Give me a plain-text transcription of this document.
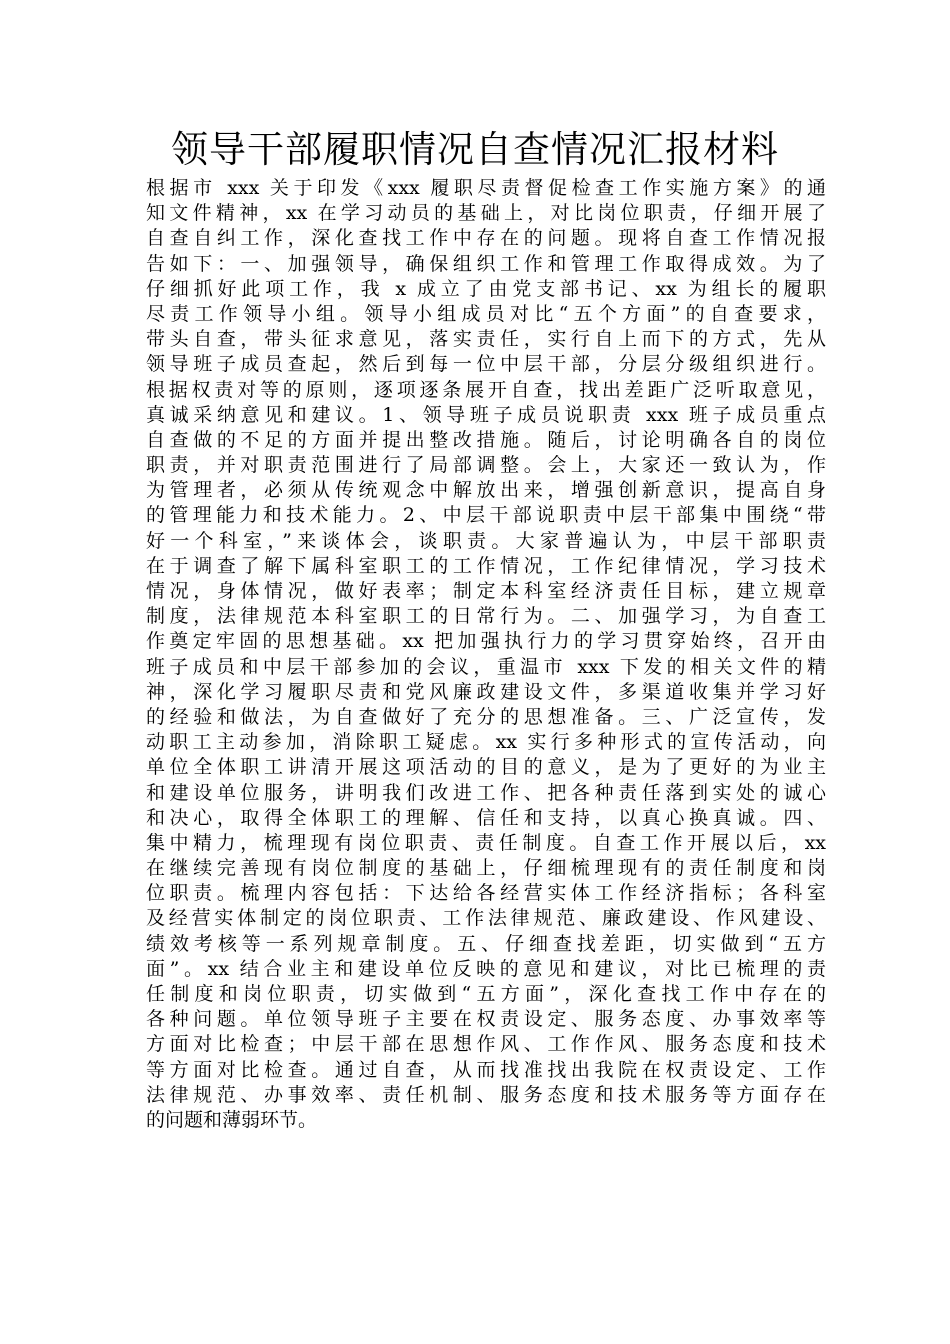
领导干部履职情况自查情况汇报材料
根据市 xxx 关于印发《xxx 履职尽责督促检查工作实施方案》的通
知文件精神，xx 在学习动员的基础上，对比岗位职责，仔细开展了
自查自纠工作，深化查找工作中存在的问题。现将自查工作情况报
告如下：一、加强领导，确保组织工作和管理工作取得成效。为了
仔细抓好此项工作，我 x 成立了由党支部书记、xx 为组长的履职
尽责工作领导小组。领导小组成员对比“五个方面”的自查要求，
带头自查，带头征求意见，落实责任，实行自上而下的方式，先从
领导班子成员查起，然后到每一位中层干部，分层分级组织进行。
根据权责对等的原则，逐项逐条展开自查，找出差距广泛听取意见，
真诚采纳意见和建议。1、领导班子成员说职责 xxx 班子成员重点
自查做的不足的方面并提出整改措施。随后，讨论明确各自的岗位
职责，并对职责范围进行了局部调整。会上，大家还一致认为，作
为管理者，必须从传统观念中解放出来，增强创新意识，提高自身
的管理能力和技术能力。2、中层干部说职责中层干部集中围绕“带
好一个科室，”来谈体会，谈职责。大家普遍认为，中层干部职责
在于调查了解下属科室职工的工作情况，工作纪律情况，学习技术
情况，身体情况，做好表率；制定本科室经济责任目标，建立规章
制度，法律规范本科室职工的日常行为。二、加强学习，为自查工
作奠定牢固的思想基础。xx 把加强执行力的学习贯穿始终，召开由
班子成员和中层干部参加的会议，重温市 xxx 下发的相关文件的精
神，深化学习履职尽责和党风廉政建设文件，多渠道收集并学习好
的经验和做法，为自查做好了充分的思想准备。三、广泛宣传，发
动职工主动参加，消除职工疑虑。xx 实行多种形式的宣传活动，向
单位全体职工讲清开展这项活动的目的意义，是为了更好的为业主
和建设单位服务，讲明我们改进工作、把各种责任落到实处的诚心
和决心，取得全体职工的理解、信任和支持，以真心换真诚。四、
集中精力，梳理现有岗位职责、责任制度。自查工作开展以后，xx
在继续完善现有岗位制度的基础上，仔细梳理现有的责任制度和岗
位职责。梳理内容包括：下达给各经营实体工作经济指标；各科室
及经营实体制定的岗位职责、工作法律规范、廉政建设、作风建设、
绩效考核等一系列规章制度。五、仔细查找差距，切实做到“五方
面”。xx 结合业主和建设单位反映的意见和建议，对比已梳理的责
任制度和岗位职责，切实做到“五方面”，深化查找工作中存在的
各种问题。单位领导班子主要在权责设定、服务态度、办事效率等
方面对比检查；中层干部在思想作风、工作作风、服务态度和技术
等方面对比检查。通过自查，从而找准找出我院在权责设定、工作
法律规范、办事效率、责任机制、服务态度和技术服务等方面存在
的问题和薄弱环节。
